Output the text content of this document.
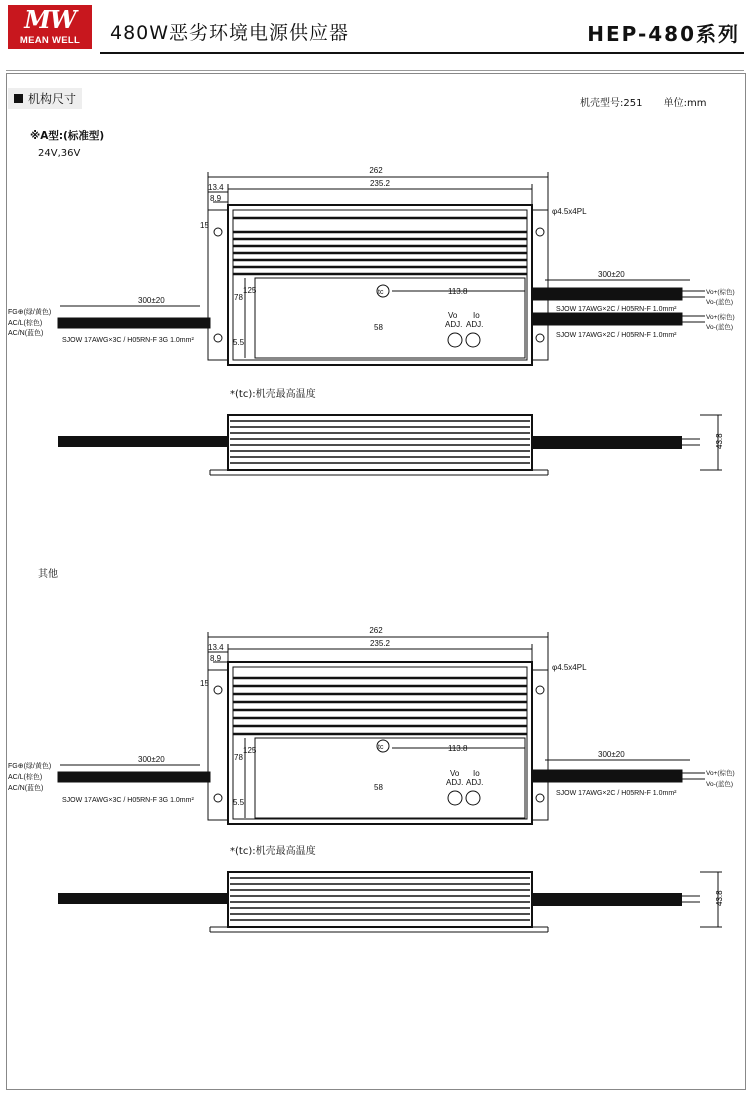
MW
MEAN WELL	480W恶劣环境电源供应器	HEP-480系列
机构尺寸	机壳型号:251 单位:mm
※A型:(标准型)
24V,36V
其他
262
235.2
13.4
8.9
15
78
125
58
5.5
113.8
tc
φ4.5x4PL
Vo
ADJ.
Io
ADJ.
300±20
300±20
FG⊕(绿/黄色)
AC/L(棕色)
AC/N(蓝色)
SJOW 17AWG×3C / H05RN-F 3G 1.0mm²
SJOW 17AWG×2C / H05RN-F 1.0mm²
SJOW 17AWG×2C / H05RN-F 1.0mm²
Vo+(棕色)
Vo-(蓝色)
Vo+(棕色)
Vo-(蓝色)
*(tc):机壳最高温度
43.8
262
235.2
13.4
8.9
15
78
125
58
5.5
113.8
tc
φ4.5x4PL
Vo
ADJ.
Io
ADJ.
300±20
300±20
FG⊕(绿/黄色)
AC/L(棕色)
AC/N(蓝色)
SJOW 17AWG×3C / H05RN-F 3G 1.0mm²
SJOW 17AWG×2C / H05RN-F 1.0mm²
Vo+(棕色)
Vo-(蓝色)
*(tc):机壳最高温度
43.8
